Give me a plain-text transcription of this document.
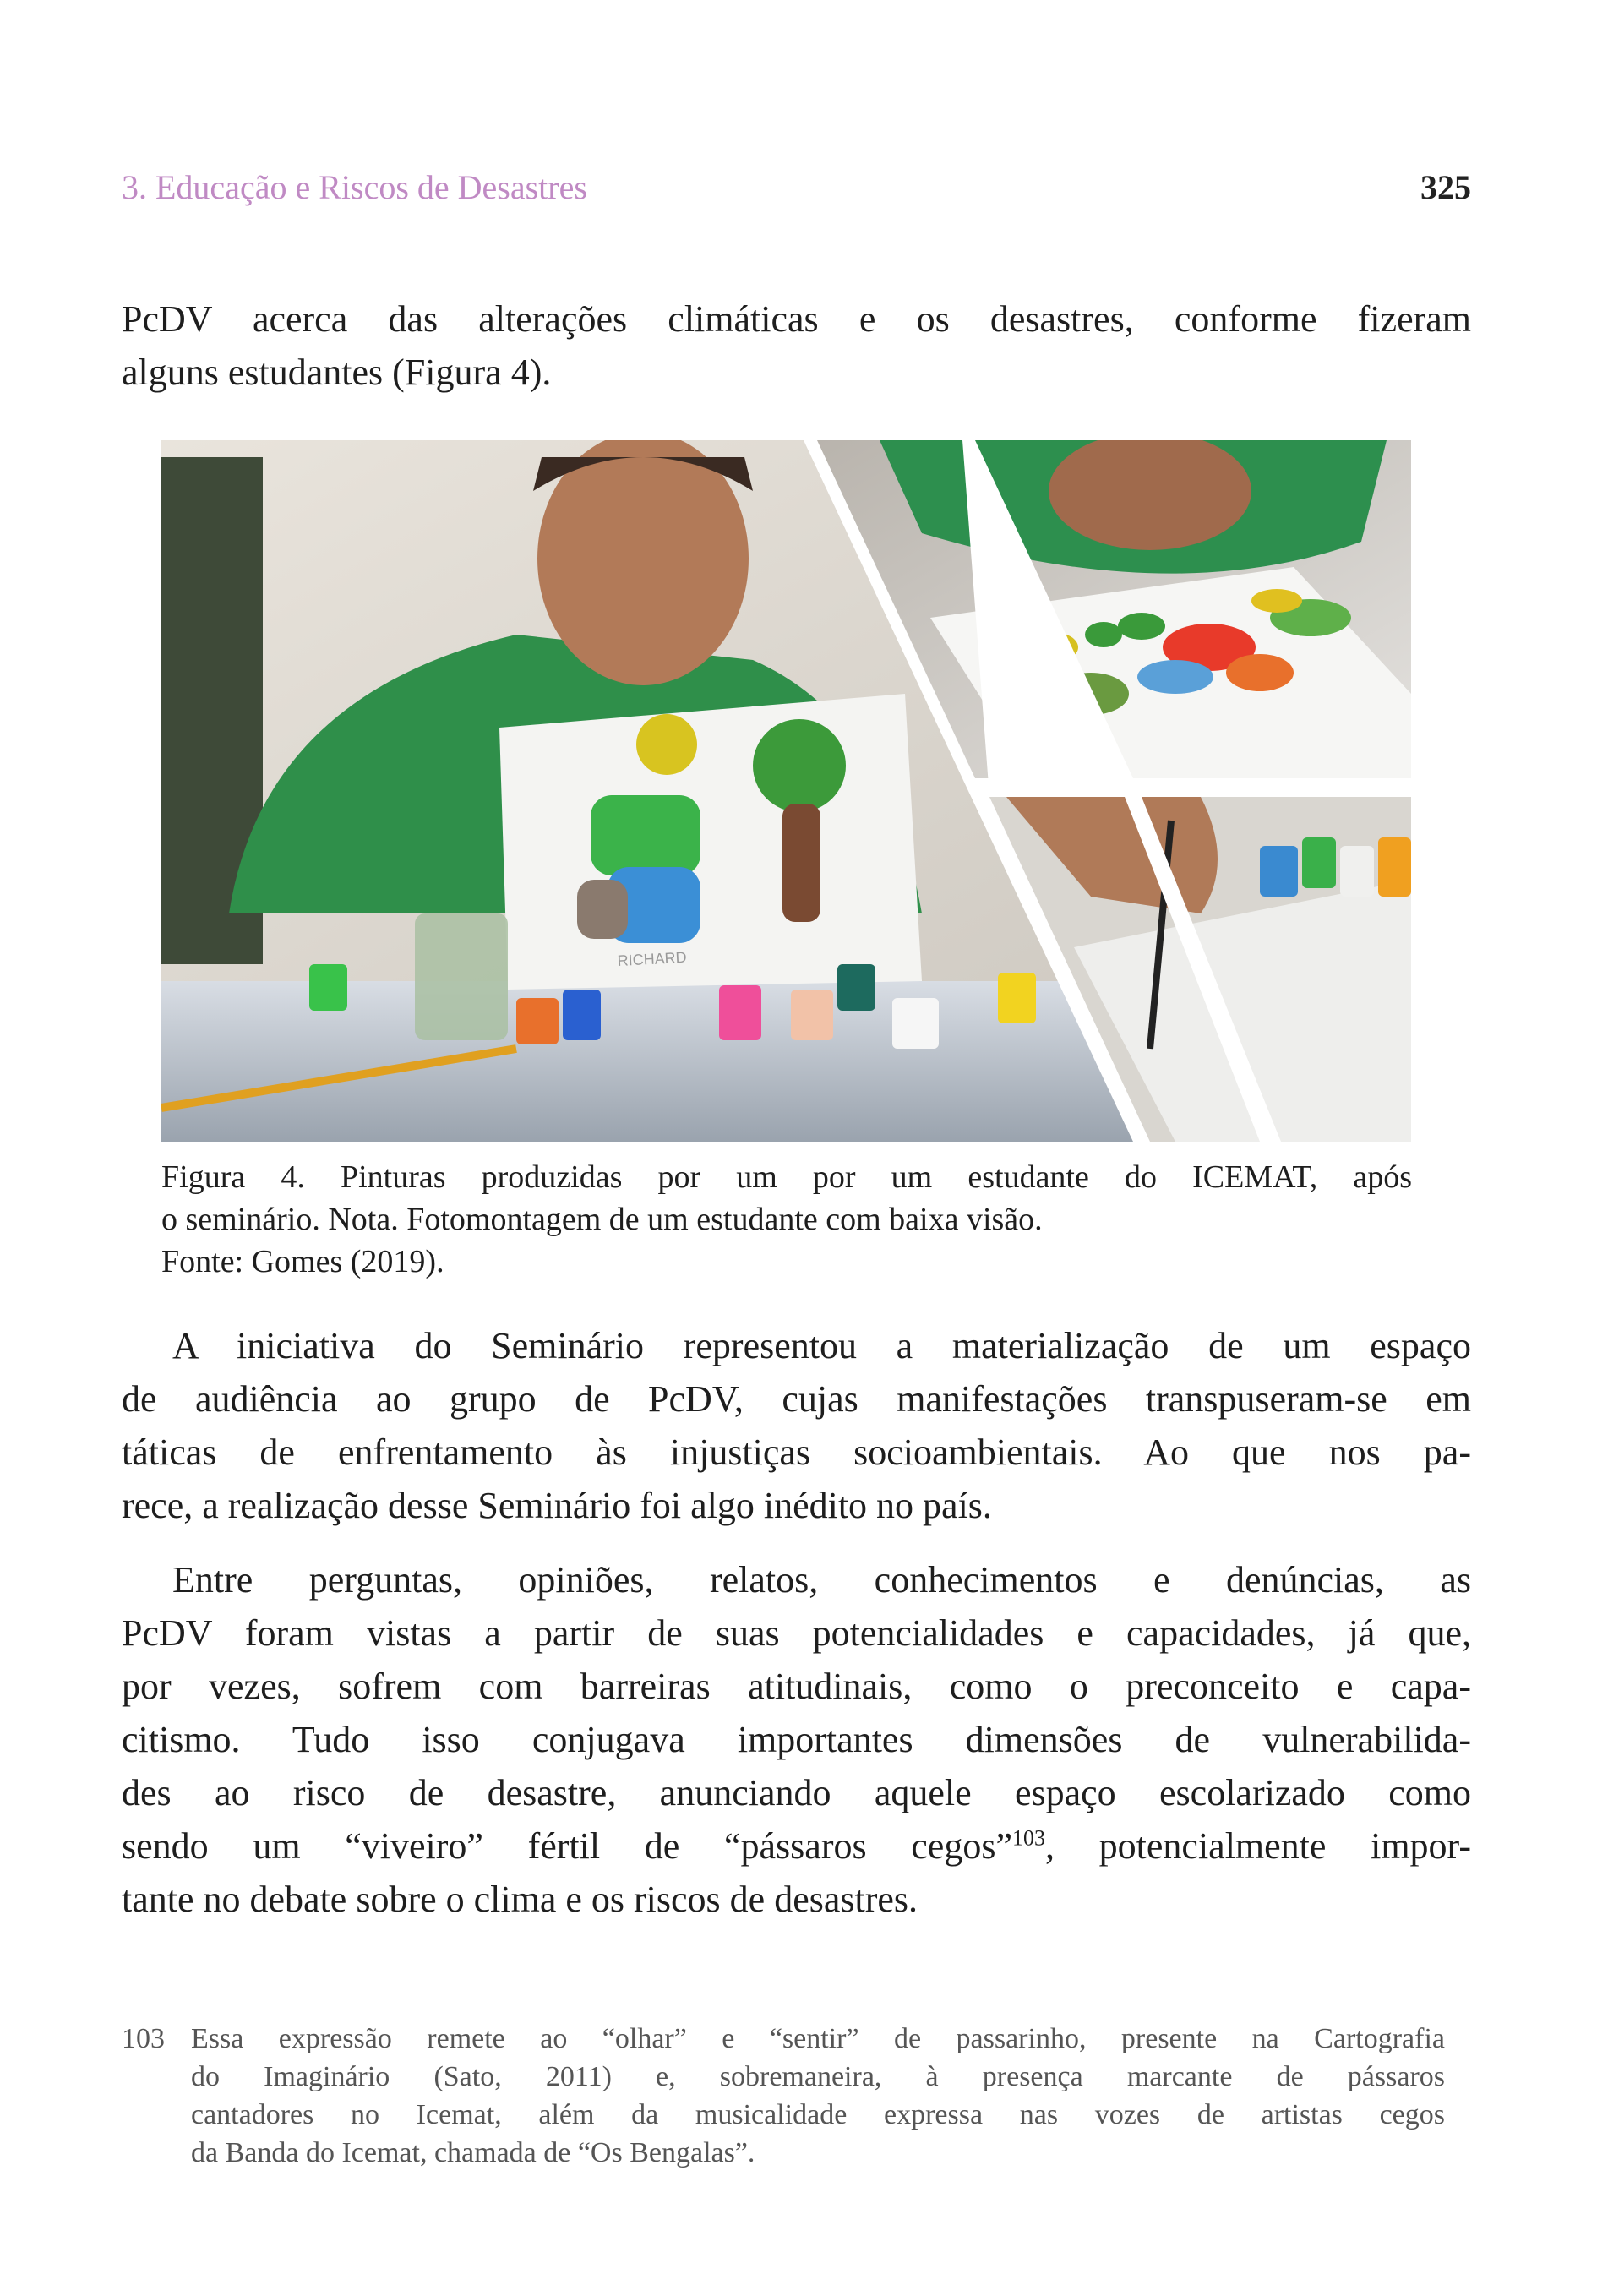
3. Educação e Riscos de Desastres	325
PcDV acerca das alterações climáticas e os desastres, conforme fizeram
alguns estudantes (Figura 4).
RICHARD
Figura 4. Pinturas produzidas por um por um estudante do ICEMAT, após
o seminário. Nota. Fotomontagem de um estudante com baixa visão.
Fonte: Gomes (2019).
A iniciativa do Seminário representou a materialização de um espaço
de audiência ao grupo de PcDV, cujas manifestações transpuseram-se em
táticas de enfrentamento às injustiças socioambientais. Ao que nos pa-
rece, a realização desse Seminário foi algo inédito no país.
Entre perguntas, opiniões, relatos, conhecimentos e denúncias, as
PcDV foram vistas a partir de suas potencialidades e capacidades, já que,
por vezes, sofrem com barreiras atitudinais, como o preconceito e capa-
citismo. Tudo isso conjugava importantes dimensões de vulnerabilida-
des ao risco de desastre, anunciando aquele espaço escolarizado como
sendo um “viveiro” fértil de “pássaros cegos”$^{103}$, potencialmente impor-
tante no debate sobre o clima e os riscos de desastres.
103 Essa expressão remete ao “olhar” e “sentir” de passarinho, presente na Cartografia
do Imaginário (Sato, 2011) e, sobremaneira, à presença marcante de pássaros
cantadores no Icemat, além da musicalidade expressa nas vozes de artistas cegos
da Banda do Icemat, chamada de “Os Bengalas”.
